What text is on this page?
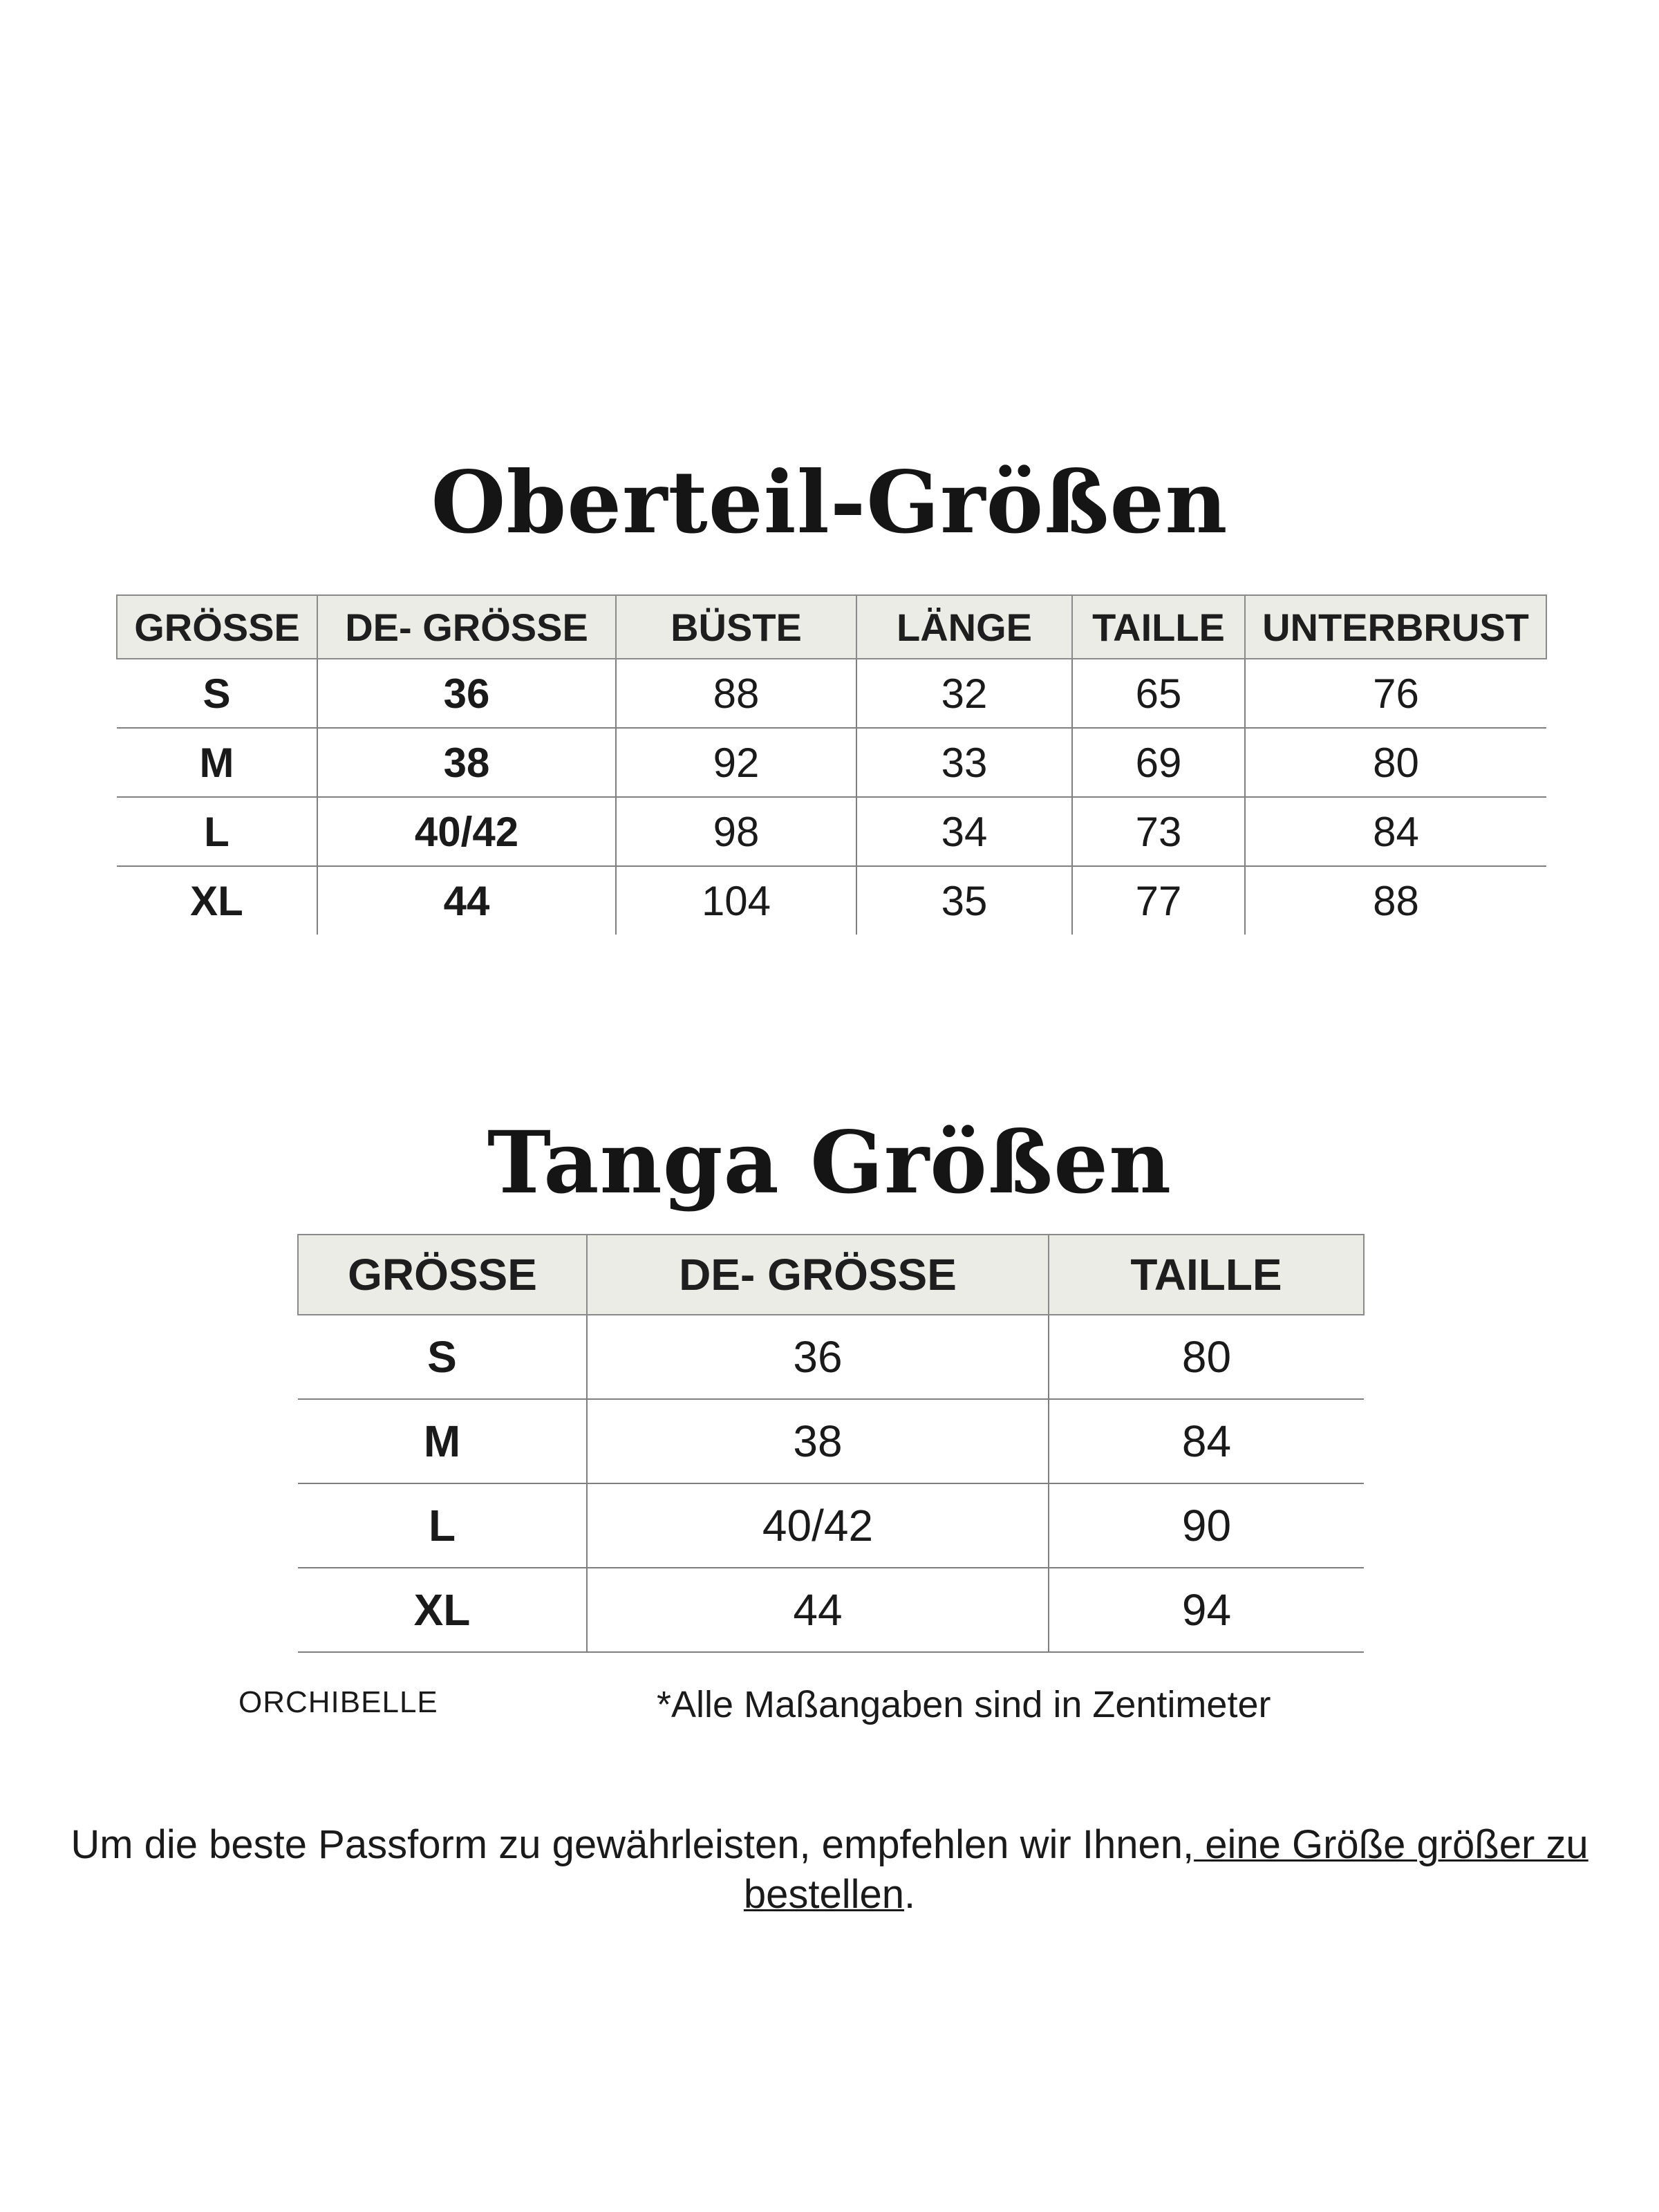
Oberteil-Größen
GRÖSSE	DE- GRÖSSE	BÜSTE	LÄNGE	TAILLE	UNTERBRUST
S	36	88	32	65	76
M	38	92	33	69	80
L	40/42	98	34	73	84
XL	44	104	35	77	88
Tanga Größen
GRÖSSE	DE- GRÖSSE	TAILLE
S	36	80
M	38	84
L	40/42	90
XL	44	94
ORCHIBELLE	*Alle Maßangaben sind in Zentimeter

Um die beste Passform zu gewährleisten, empfehlen wir Ihnen, eine Größe größer zu bestellen.
